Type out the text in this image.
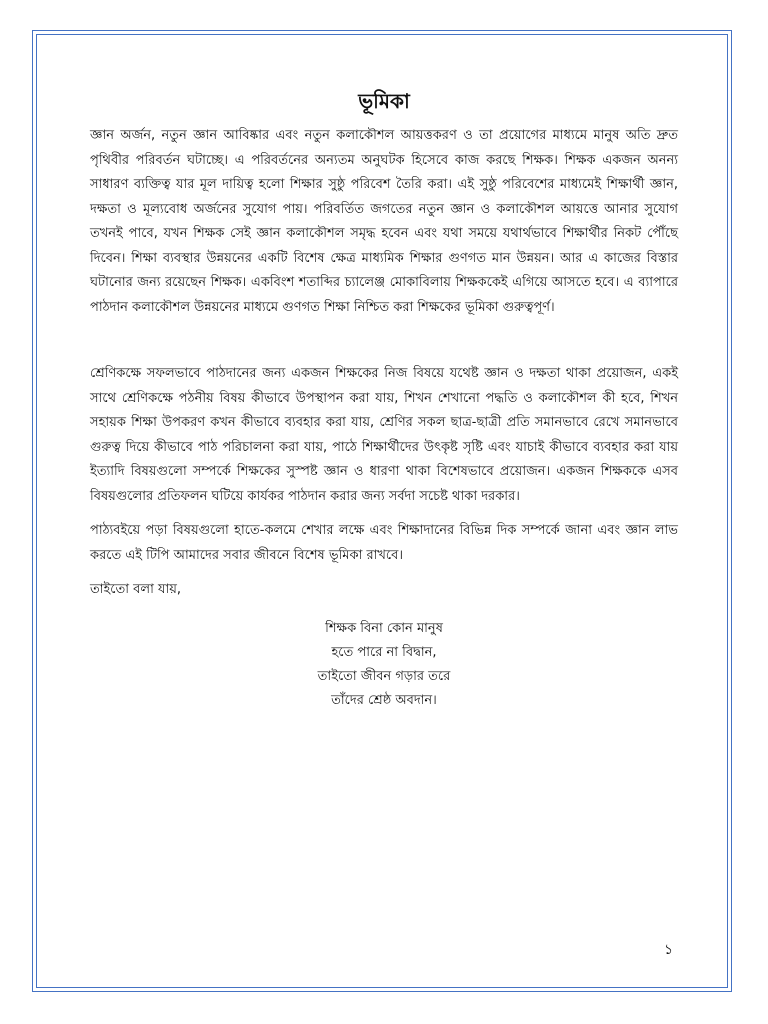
ভূমিকা

জ্ঞান অর্জন, নতুন জ্ঞান আবিষ্কার এবং নতুন কলাকৌশল আয়ত্তকরণ ও তা প্রয়োগের মাধ্যমে মানুষ অতি দ্রুত পৃথিবীর পরিবর্তন ঘটাচ্ছে। এ পরিবর্তনের অন্যতম অনুঘটক হিসেবে কাজ করছে শিক্ষক। শিক্ষক একজন অনন্য সাধারণ ব্যক্তিত্ব যার মূল দায়িত্ব হলো শিক্ষার সুষ্ঠু পরিবেশ তৈরি করা। এই সুষ্ঠু পরিবেশের মাধ্যমেই শিক্ষার্থী জ্ঞান, দক্ষতা ও মূল্যবোধ অর্জনের সুযোগ পায়। পরিবর্তিত জগতের নতুন জ্ঞান ও কলাকৌশল আয়ত্তে আনার সুযোগ তখনই পাবে, যখন শিক্ষক সেই জ্ঞান কলাকৌশল সমৃদ্ধ হবেন এবং যথা সময়ে যথার্থভাবে শিক্ষার্থীর নিকট পৌঁছে দিবেন। শিক্ষা ব্যবস্থার উন্নয়নের একটি বিশেষ ক্ষেত্র মাধ্যমিক শিক্ষার গুণগত মান উন্নয়ন। আর এ কাজের বিস্তার ঘটানোর জন্য রয়েছেন শিক্ষক। একবিংশ শতাব্দির চ্যালেঞ্জ মোকাবিলায় শিক্ষককেই এগিয়ে আসতে হবে। এ ব্যাপারে পাঠদান কলাকৌশল উন্নয়নের মাধ্যমে গুণগত শিক্ষা নিশ্চিত করা শিক্ষকের ভূমিকা গুরুত্বপূর্ণ।

শ্রেণিকক্ষে সফলভাবে পাঠদানের জন্য একজন শিক্ষকের নিজ বিষয়ে যথেষ্ট জ্ঞান ও দক্ষতা থাকা প্রয়োজন, একই সাথে শ্রেণিকক্ষে পঠনীয় বিষয় কীভাবে উপস্থাপন করা যায়, শিখন শেখানো পদ্ধতি ও কলাকৌশল কী হবে, শিখন সহায়ক শিক্ষা উপকরণ কখন কীভাবে ব্যবহার করা যায়, শ্রেণির সকল ছাত্র-ছাত্রী প্রতি সমানভাবে রেখে সমানভাবে গুরুত্ব দিয়ে কীভাবে পাঠ পরিচালনা করা যায়, পাঠে শিক্ষার্থীদের উৎকৃষ্ট সৃষ্টি এবং যাচাই কীভাবে ব্যবহার করা যায় ইত্যাদি বিষয়গুলো সম্পর্কে শিক্ষকের সুস্পষ্ট জ্ঞান ও ধারণা থাকা বিশেষভাবে প্রয়োজন। একজন শিক্ষককে এসব বিষয়গুলোর প্রতিফলন ঘটিয়ে কার্যকর পাঠদান করার জন্য সর্বদা সচেষ্ট থাকা দরকার।

পাঠ্যবইয়ে পড়া বিষয়গুলো হাতে-কলমে শেখার লক্ষে এবং শিক্ষাদানের বিভিন্ন দিক সম্পর্কে জানা এবং জ্ঞান লাভ করতে এই টিপি আমাদের সবার জীবনে বিশেষ ভূমিকা রাখবে।

তাইতো বলা যায়,

শিক্ষক বিনা কোন মানুষ
হতে পারে না বিদ্বান,
তাইতো জীবন গড়ার তরে
তাঁদের শ্রেষ্ঠ অবদান।
১
